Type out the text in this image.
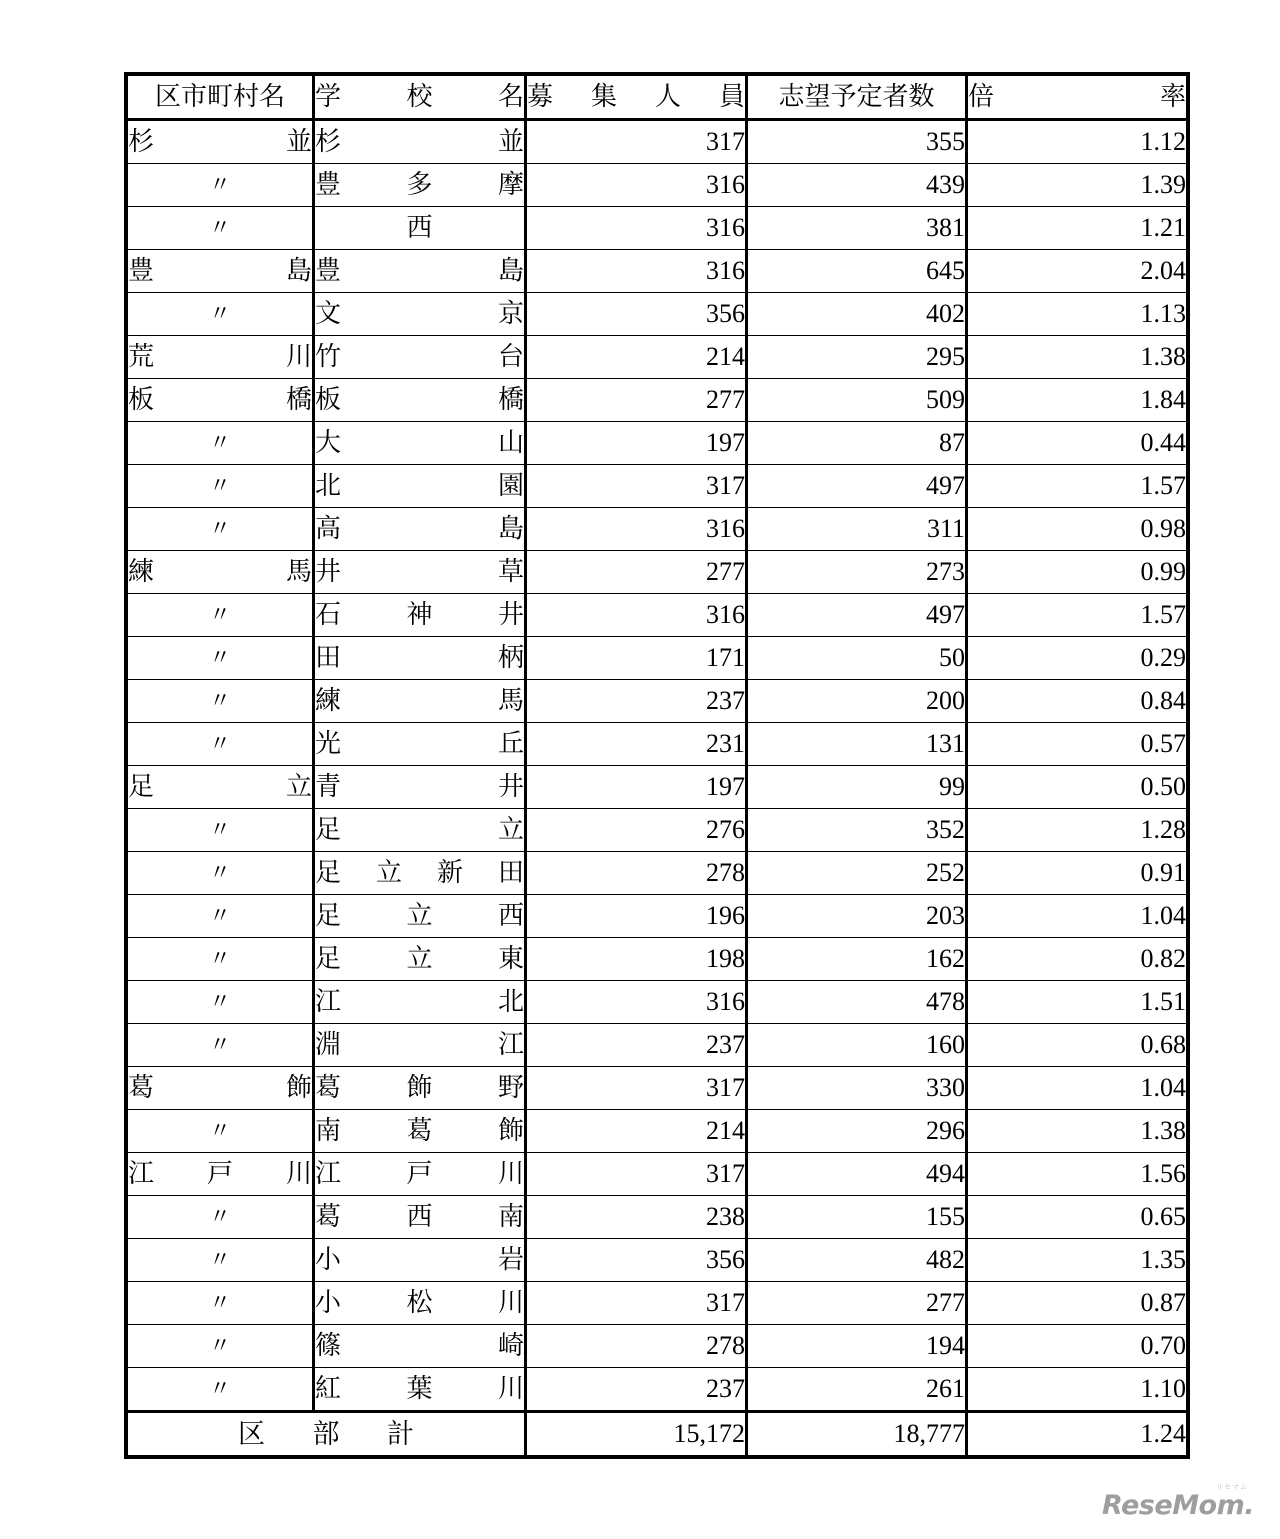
区市町村名	学校名	募集人員	志望予定者数	倍率

杉並	杉並	317	355	1.12
〃	豊多摩	316	439	1.39
〃	西	316	381	1.21
豊島	豊島	316	645	2.04
〃	文京	356	402	1.13
荒川	竹台	214	295	1.38
板橋	板橋	277	509	1.84
〃	大山	197	87	0.44
〃	北園	317	497	1.57
〃	高島	316	311	0.98
練馬	井草	277	273	0.99
〃	石神井	316	497	1.57
〃	田柄	171	50	0.29
〃	練馬	237	200	0.84
〃	光丘	231	131	0.57
足立	青井	197	99	0.50
〃	足立	276	352	1.28
〃	足立新田	278	252	0.91
〃	足立西	196	203	1.04
〃	足立東	198	162	0.82
〃	江北	316	478	1.51
〃	淵江	237	160	0.68
葛飾	葛飾野	317	330	1.04
〃	南葛飾	214	296	1.38
江戸川	江戸川	317	494	1.56
〃	葛西南	238	155	0.65
〃	小岩	356	482	1.35
〃	小松川	317	277	0.87
〃	篠崎	278	194	0.70
〃	紅葉川	237	261	1.10
区部計		15,172	18,777	1.24
リセマム
ReseMom.
